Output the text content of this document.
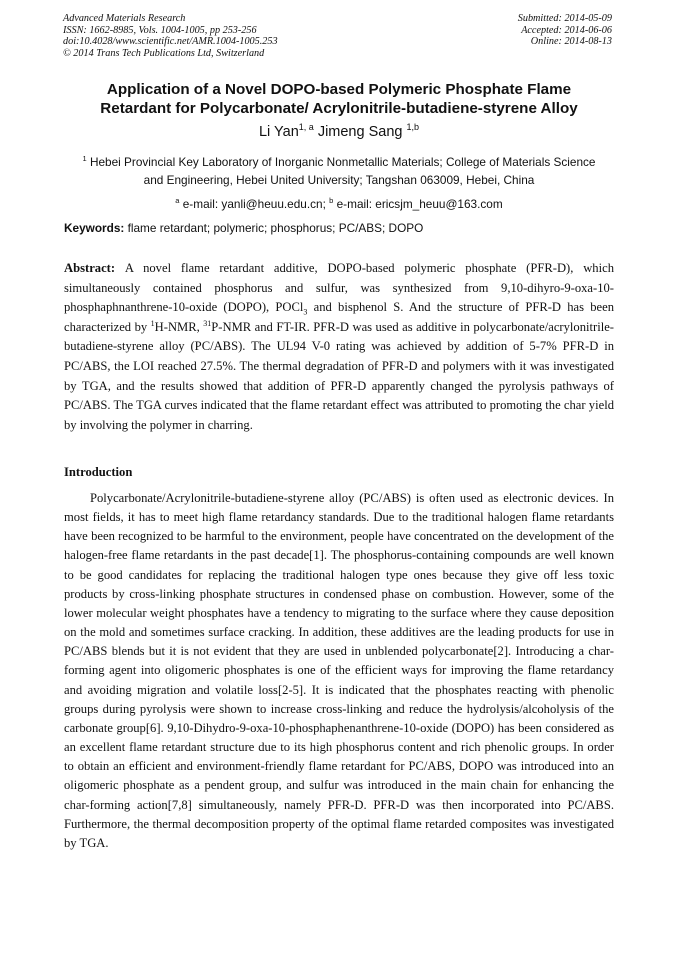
Advanced Materials Research
ISSN: 1662-8985, Vols. 1004-1005, pp 253-256
doi:10.4028/www.scientific.net/AMR.1004-1005.253
© 2014 Trans Tech Publications Ltd, Switzerland
Submitted: 2014-05-09
Accepted: 2014-06-06
Online: 2014-08-13
Application of a Novel DOPO-based Polymeric Phosphate Flame
Retardant for Polycarbonate/ Acrylonitrile-butadiene-styrene Alloy
Li Yan$^{1, a}$ Jimeng Sang $^{1,b}$
$^1$ Hebei Provincial Key Laboratory of Inorganic Nonmetallic Materials; College of Materials Science
and Engineering, Hebei United University; Tangshan 063009, Hebei, China
$^a$ e-mail: yanli@heuu.edu.cn; $^b$ e-mail: ericsjm_heuu@163.com
Keywords: flame retardant; polymeric; phosphorus; PC/ABS; DOPO
Abstract: A novel flame retardant additive, DOPO-based polymeric phosphate (PFR-D), which simultaneously contained phosphorus and sulfur, was synthesized from 9,10-dihyro-9-oxa-10-phosphaphnanthrene-10-oxide (DOPO), POCl$_3$ and bisphenol S. And the structure of PFR-D has been characterized by $^1$H-NMR, $^{31}$P-NMR and FT-IR. PFR-D was used as additive in polycarbonate/acrylonitrile-butadiene-styrene alloy (PC/ABS). The UL94 V-0 rating was achieved by addition of 5-7% PFR-D in PC/ABS, the LOI reached 27.5%. The thermal degradation of PFR-D and polymers with it was investigated by TGA, and the results showed that addition of PFR-D apparently changed the pyrolysis pathways of PC/ABS. The TGA curves indicated that the flame retardant effect was attributed to promoting the char yield by involving the polymer in charring.
Introduction
Polycarbonate/Acrylonitrile-butadiene-styrene alloy (PC/ABS) is often used as electronic devices. In most fields, it has to meet high flame retardancy standards. Due to the traditional halogen flame retardants have been recognized to be harmful to the environment, people have concentrated on the development of the halogen-free flame retardants in the past decade[1]. The phosphorus-containing compounds are well known to be good candidates for replacing the traditional halogen type ones because they give off less toxic products by cross-linking phosphate structures in condensed phase on combustion. However, some of the lower molecular weight phosphates have a tendency to migrating to the surface where they cause deposition on the mold and sometimes surface cracking. In addition, these additives are the leading products for use in PC/ABS blends but it is not evident that they are used in unblended polycarbonate[2]. Introducing a char-forming agent into oligomeric phosphates is one of the efficient ways for improving the flame retardancy and avoiding migration and volatile loss[2-5]. It is indicated that the phosphates reacting with phenolic groups during pyrolysis were shown to increase cross-linking and reduce the hydrolysis/alcoholysis of the carbonate group[6]. 9,10-Dihydro-9-oxa-10-phosphaphenanthrene-10-oxide (DOPO) has been considered as an excellent flame retardant structure due to its high phosphorus content and rich phenolic groups. In order to obtain an efficient and environment-friendly flame retardant for PC/ABS, DOPO was introduced into an oligomeric phosphate as a pendent group, and sulfur was introduced in the main chain for enhancing the char-forming action[7,8] simultaneously, namely PFR-D. PFR-D was then incorporated into PC/ABS. Furthermore, the thermal decomposition property of the optimal flame retarded composites was investigated by TGA.
